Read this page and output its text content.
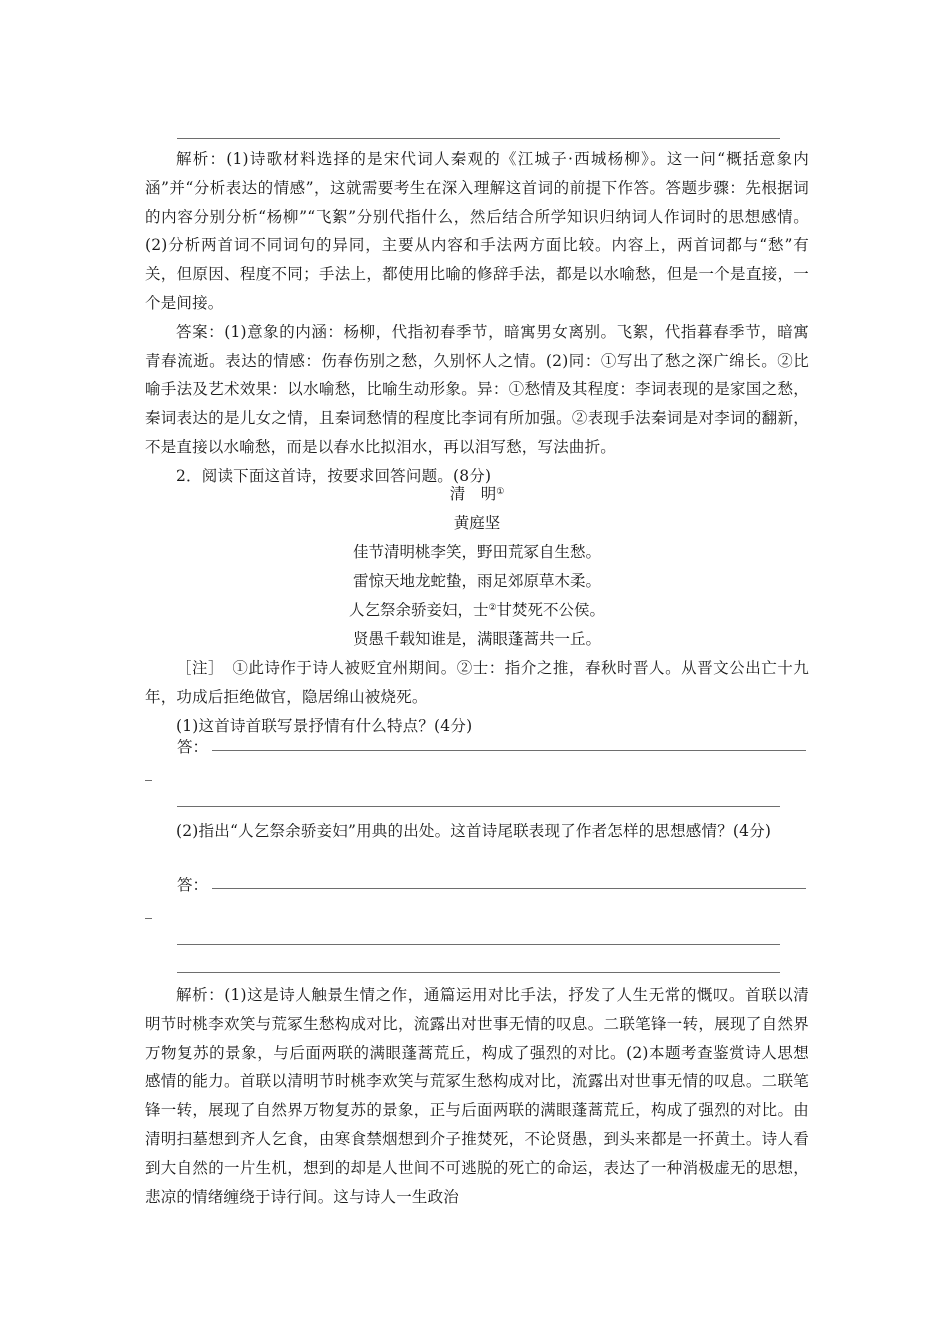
解析：(1)诗歌材料选择的是宋代词人秦观的《江城子·西城杨柳》。这一问“概括意象内涵”并“分析表达的情感”，这就需要考生在深入理解这首词的前提下作答。答题步骤：先根据词的内容分别分析“杨柳”“飞絮”分别代指什么，然后结合所学知识归纳词人作词时的思想感情。(2)分析两首词不同词句的异同，主要从内容和手法两方面比较。内容上，两首词都与“愁”有关，但原因、程度不同；手法上，都使用比喻的修辞手法，都是以水喻愁，但是一个是直接，一个是间接。

答案：(1)意象的内涵：杨柳，代指初春季节，暗寓男女离别。飞絮，代指暮春季节，暗寓青春流逝。表达的情感：伤春伤别之愁，久别怀人之情。(2)同：①写出了愁之深广绵长。②比喻手法及艺术效果：以水喻愁，比喻生动形象。异：①愁情及其程度：李词表现的是家国之愁，秦词表达的是儿女之情，且秦词愁情的程度比李词有所加强。②表现手法秦词是对李词的翻新，不是直接以水喻愁，而是以春水比拟泪水，再以泪写愁，写法曲折。

2．阅读下面这首诗，按要求回答问题。(8分)

清　明①
黄庭坚
佳节清明桃李笑，野田荒冢自生愁。
雷惊天地龙蛇蛰，雨足郊原草木柔。
人乞祭余骄妾妇，士②甘焚死不公侯。
贤愚千载知谁是，满眼蓬蒿共一丘。

［注］　①此诗作于诗人被贬宜州期间。②士：指介之推，春秋时晋人。从晋文公出亡十九年，功成后拒绝做官，隐居绵山被烧死。

(1)这首诗首联写景抒情有什么特点？(4分)

答：

(2)指出“人乞祭余骄妾妇”用典的出处。这首诗尾联表现了作者怎样的思想感情？(4分)

答：

解析：(1)这是诗人触景生情之作，通篇运用对比手法，抒发了人生无常的慨叹。首联以清明节时桃李欢笑与荒冢生愁构成对比，流露出对世事无情的叹息。二联笔锋一转，展现了自然界万物复苏的景象，与后面两联的满眼蓬蒿荒丘，构成了强烈的对比。(2)本题考查鉴赏诗人思想感情的能力。首联以清明节时桃李欢笑与荒冢生愁构成对比，流露出对世事无情的叹息。二联笔锋一转，展现了自然界万物复苏的景象，正与后面两联的满眼蓬蒿荒丘，构成了强烈的对比。由清明扫墓想到齐人乞食，由寒食禁烟想到介子推焚死，不论贤愚，到头来都是一抔黄土。诗人看到大自然的一片生机，想到的却是人世间不可逃脱的死亡的命运，表达了一种消极虚无的思想，悲凉的情绪缠绕于诗行间。这与诗人一生政治
